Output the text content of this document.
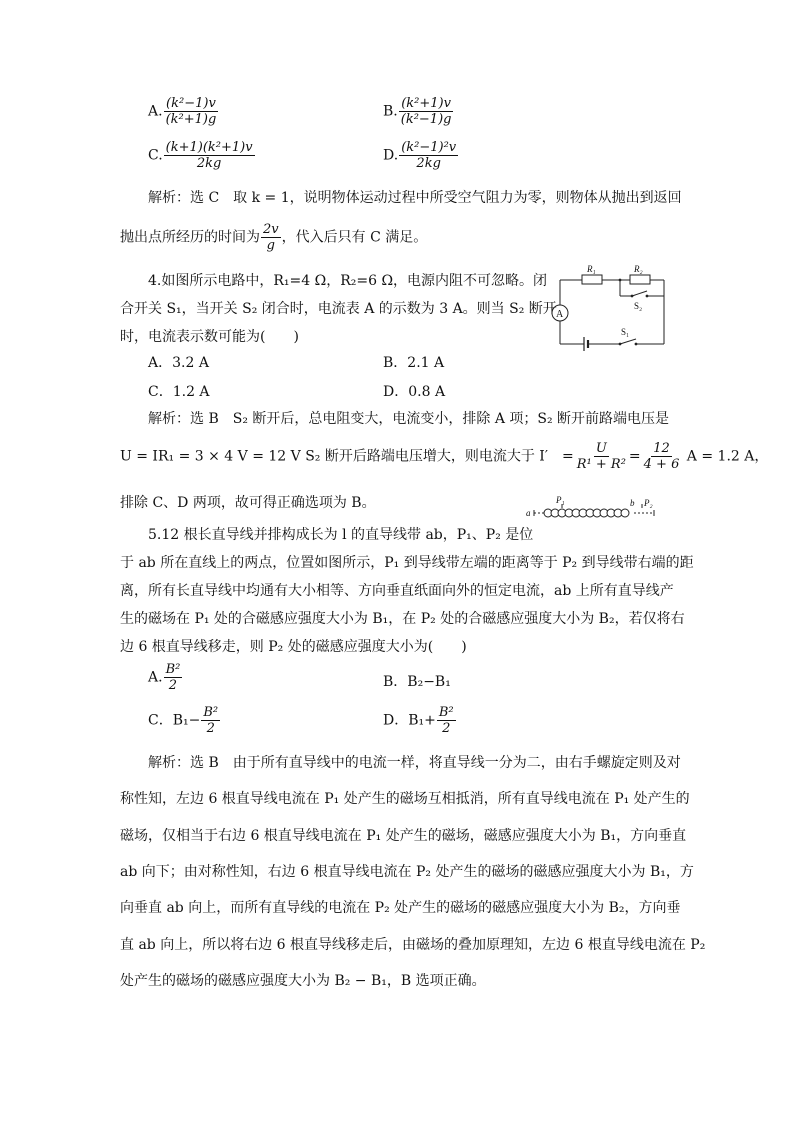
A. $\frac{\text{(k²−1)v}}{\text{(k²+1)g}}$	B. $\frac{\text{(k²+1)v}}{\text{(k²−1)g}}$
C. $\frac{\text{(k+1)(k²+1)v}}{2kg}$	D. $\frac{\text{(k²−1)²v}}{2kg}$
解析：选 C　取 k = 1，说明物体运动过程中所受空气阻力为零，则物体从抛出到返回
抛出点所经历的时间为 $\frac{2v}{g}$ ，代入后只有 C 满足。
4.如图所示电路中，R₁=4 Ω，R₂=6 Ω，电源内阻不可忽略。闭
合开关 S₁，当开关 S₂ 闭合时，电流表 A 的示数为 3 A。则当 S₂ 断开
时，电流表示数可能为(　　)
A．3.2 A	B．2.1 A
C．1.2 A	D．0.8 A
R₁	R₂
S₂
A
S₁
解析：选 B　S₂ 断开后，总电阻变大，电流变小，排除 A 项；S₂ 断开前路端电压是
U = IR₁ = 3 × 4 V = 12 V S₂ 断开后路端电压增大，则电流大于 I′　= $\frac{U}{\text{R¹ + R²}} = \frac{12}{4 + 6}$ A = 1.2 A，
排除 C、D 两项，故可得正确选项为 B。
5.12 根长直导线并排构成长为 l 的直导线带 ab，P₁、P₂ 是位
a
b
P₁	P₂
于 ab 所在直线上的两点，位置如图所示，P₁ 到导线带左端的距离等于 P₂ 到导线带右端的距
离，所有长直导线中均通有大小相等、方向垂直纸面向外的恒定电流，ab 上所有直导线产
生的磁场在 P₁ 处的合磁感应强度大小为 B₁，在 P₂ 处的合磁感应强度大小为 B₂，若仅将右
边 6 根直导线移走，则 P₂ 处的磁感应强度大小为(　　)
A. $\frac{\text{B²}}{2}$	B．B₂−B₁
C．$B_1- \frac{\text{B²}}{2}$	D．$B_1+ \frac{\text{B²}}{2}$
解析：选 B　由于所有直导线中的电流一样，将直导线一分为二，由右手螺旋定则及对
称性知，左边 6 根直导线电流在 P₁ 处产生的磁场互相抵消，所有直导线电流在 P₁ 处产生的
磁场，仅相当于右边 6 根直导线电流在 P₁ 处产生的磁场，磁感应强度大小为 B₁，方向垂直
ab 向下；由对称性知，右边 6 根直导线电流在 P₂ 处产生的磁场的磁感应强度大小为 B₁，方
向垂直 ab 向上，而所有直导线的电流在 P₂ 处产生的磁场的磁感应强度大小为 B₂，方向垂
直 ab 向上，所以将右边 6 根直导线移走后，由磁场的叠加原理知，左边 6 根直导线电流在 P₂
处产生的磁场的磁感应强度大小为 B₂ − B₁，B 选项正确。
